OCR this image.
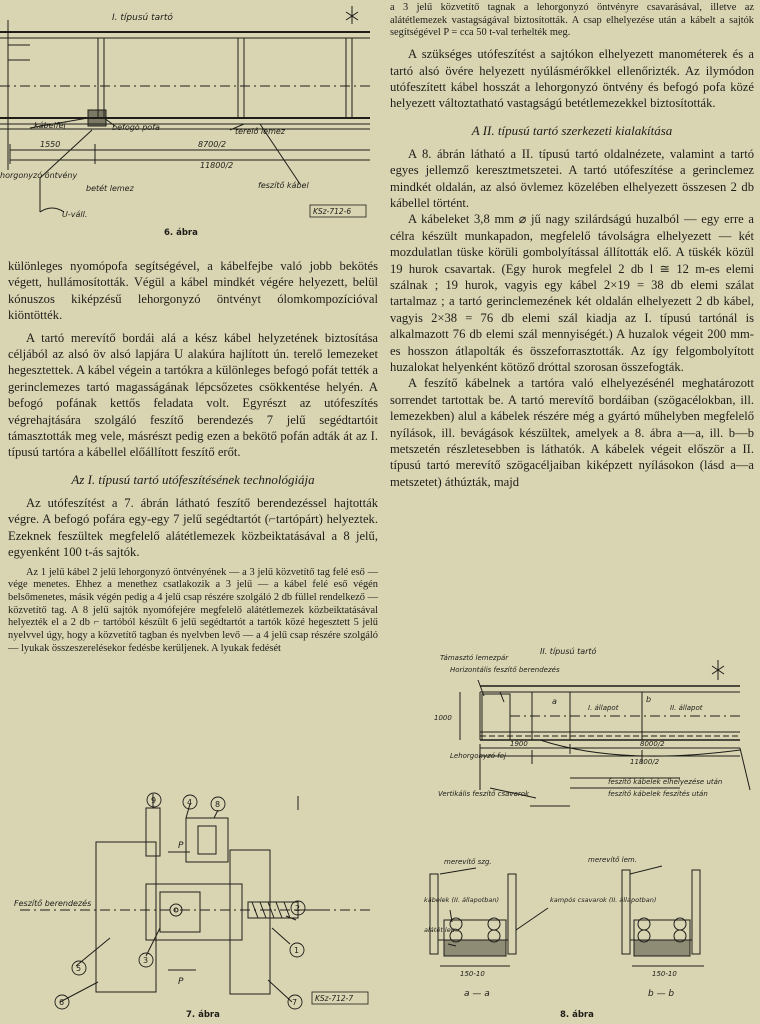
I. típusú tartó
kábelfej	befogó pofa	terelő lemez
1550	8700/2
11800/2
horgonyzó öntvény
betét lemez	feszítő kábel
U-váll.	KSz-712-6
6. ábra

különleges nyomópofa segítségével, a kábelfejbe való jobb bekötés végett, hullámosították. Végül a kábel mindkét végére helyezett, belül kónuszos kiképzésű lehorgonyzó öntvényt ólomkompozícióval kiöntötték.

A tartó merevítő bordái alá a kész kábel helyzetének biztosítása céljából az alsó öv alsó lapjára U alakúra hajlított ún. terelő lemezeket hegesztettek. A kábel végein a tartókra a különleges befogó pofát tették a gerinclemezes tartó magasságának lépcsőzetes csökkentése helyén. A befogó pofának kettős feladata volt. Egyrészt az utófeszítés végrehajtására szolgáló feszítő berendezés 7 jelű segédtartóit támasztották meg vele, másrészt pedig ezen a bekötő pofán adták át az I. típusú tartóra a kábellel előállított feszítő erőt.

Az I. típusú tartó utófeszítésének technológiája

Az utófeszítést a 7. ábrán látható feszítő berendezéssel hajtották végre. A befogó pofára egy-egy 7 jelű segédtartót (⌐tartópárt) helyeztek. Ezeknek feszültek megfelelő alátétlemezek közbeiktatásával a 8 jelű, egyenként 100 t-ás sajtók.

Az 1 jelű kábel 2 jelű lehorgonyzó öntvényének — a 3 jelű közvetítő tag felé eső — vége menetes. Ehhez a menethez csatlakozik a 3 jelű — a kábel felé eső végén belsőmenetes, másik végén pedig a 4 jelű csap részére szolgáló 2 db füllel rendelkező — közvetítő tag. A 8 jelű sajtók nyomófejére megfelelő alátétlemezek közbeiktatásával helyezték el a 2 db ⌐ tartóból készült 6 jelű segédtartót a tartók közé hegesztett 5 jelű nyelvvel úgy, hogy a közvetítő tagban és nyelvben levő — a 4 jelű csap részére szolgáló — lyukak összeszerelésekor fedésbe kerüljenek. A lyukak fedését

9	4	8
2
1
5
3
6	7
Feszítő berendezés
P
P
KSz-712-7
7. ábra

a 3 jelű közvetítő tagnak a lehorgonyzó öntvényre csavarásával, illetve az alátétlemezek vastagságával biztosították. A csap elhelyezése után a kábelt a sajtók segítségével P = cca 50 t-val terhelték meg.

A szükséges utófeszítést a sajtókon elhelyezett manométerek és a tartó alsó övére helyezett nyúlásmérőkkel ellenőrizték. Az ilymódon utófeszített kábel hosszát a lehorgonyzó öntvény és befogó pofa közé helyezett változtatható vastagságú betétlemezekkel biztosították.

A II. típusú tartó szerkezeti kialakítása

A 8. ábrán látható a II. típusú tartó oldalnézete, valamint a tartó egyes jellemző keresztmetszetei. A tartó utófeszítése a gerinclemez mindkét oldalán, az alsó övlemez közelében elhelyezett összesen 2 db kábellel történt.

A kábeleket 3,8 mm ⌀ jű nagy szilárdságú huzalból — egy erre a célra készült munkapadon, megfelelő távolságra elhelyezett — két mozdulatlan tüske körüli gombolyítással állították elő. A tüskék közül 19 hurok csavartak. (Egy hurok megfelel 2 db l ≅ 12 m-es elemi szálnak ; 19 hurok, vagyis egy kábel 2×19 = 38 db elemi szálat tartalmaz ; a tartó gerinclemezének két oldalán elhelyezett 2 db kábel, vagyis 2×38 = 76 db elemi szál kiadja az I. típusú tartónál is alkalmazott 76 db elemi szál mennyiségét.) A huzalok végeit 200 mm-es hosszon átlapolták és összeforrasztották. Az így felgombolyított huzalokat helyenként kötöző dróttal szorosan összefogták.

A feszítő kábelnek a tartóra való elhelyezésénél meghatározott sorrendet tartottak be. A tartó merevítő bordáiban (szögacélokban, ill. lemezekben) alul a kábelek részére még a gyártó műhelyben megfelelő nyílások, ill. bevágások készültek, amelyek a 8. ábra a—a, ill. b—b metszetén részletesebben is láthatók. A kábelek végeit először a II. típusú tartó merevítő szögacéljaiban kiképzett nyílásokon (lásd a—a metszetet) áthúzták, majd

II. típusú tartó
Támasztó lemezpár
Horizontális feszítő berendezés
Lehorgonyzó fej
I. állapot	II. állapot
a	b
1000
1900	8000/2
11800/2
Vertikális feszítő csavarok
feszítő kábelek elhelyezése után
feszítő kábelek feszítés után
merevítő szg.	merevítő lem.
kábelek (II. állapotban)	kampós csavarok (II. állapotban)
alátét lem.
150-10	150-10
a — a	b — b
8. ábra
